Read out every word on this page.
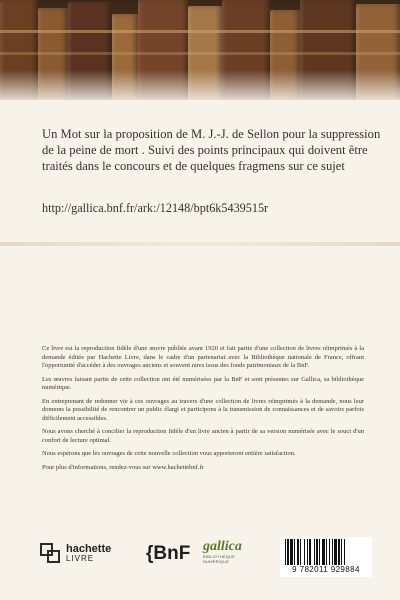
Un Mot sur la proposition de M. J.-J. de Sellon pour la suppression de la peine de mort . Suivi des points principaux qui doivent être traités dans le concours et de quelques fragmens sur ce sujet
http://gallica.bnf.fr/ark:/12148/bpt6k5439515r

Ce livre est la reproduction fidèle d'une œuvre publiée avant 1920 et fait partie d'une collection de livres réimprimés à la demande éditée par Hachette Livre, dans le cadre d'un partenariat avec la Bibliothèque nationale de France, offrant l'opportunité d'accéder à des ouvrages anciens et souvent rares issus des fonds patrimoniaux de la BnF.

Les œuvres faisant partie de cette collection ont été numérisées par la BnF et sont présentes sur Gallica, sa bibliothèque numérique.

En entreprenant de redonner vie à ces ouvrages au travers d'une collection de livres réimprimés à la demande, nous leur donnons la possibilité de rencontrer un public élargi et participons à la transmission de connaissances et de savoirs parfois difficilement accessibles.

Nous avons cherché à concilier la reproduction fidèle d'un livre ancien à partir de sa version numérisée avec le souci d'un confort de lecture optimal.

Nous espérons que les ouvrages de cette nouvelle collection vous apporteront entière satisfaction.

Pour plus d'informations, rendez-vous sur www.hachettebnf.fr

hachette
LIVRE	{BnF gallica
BIBLIOTHÈQUE NUMÉRIQUE
9 782011 929884
